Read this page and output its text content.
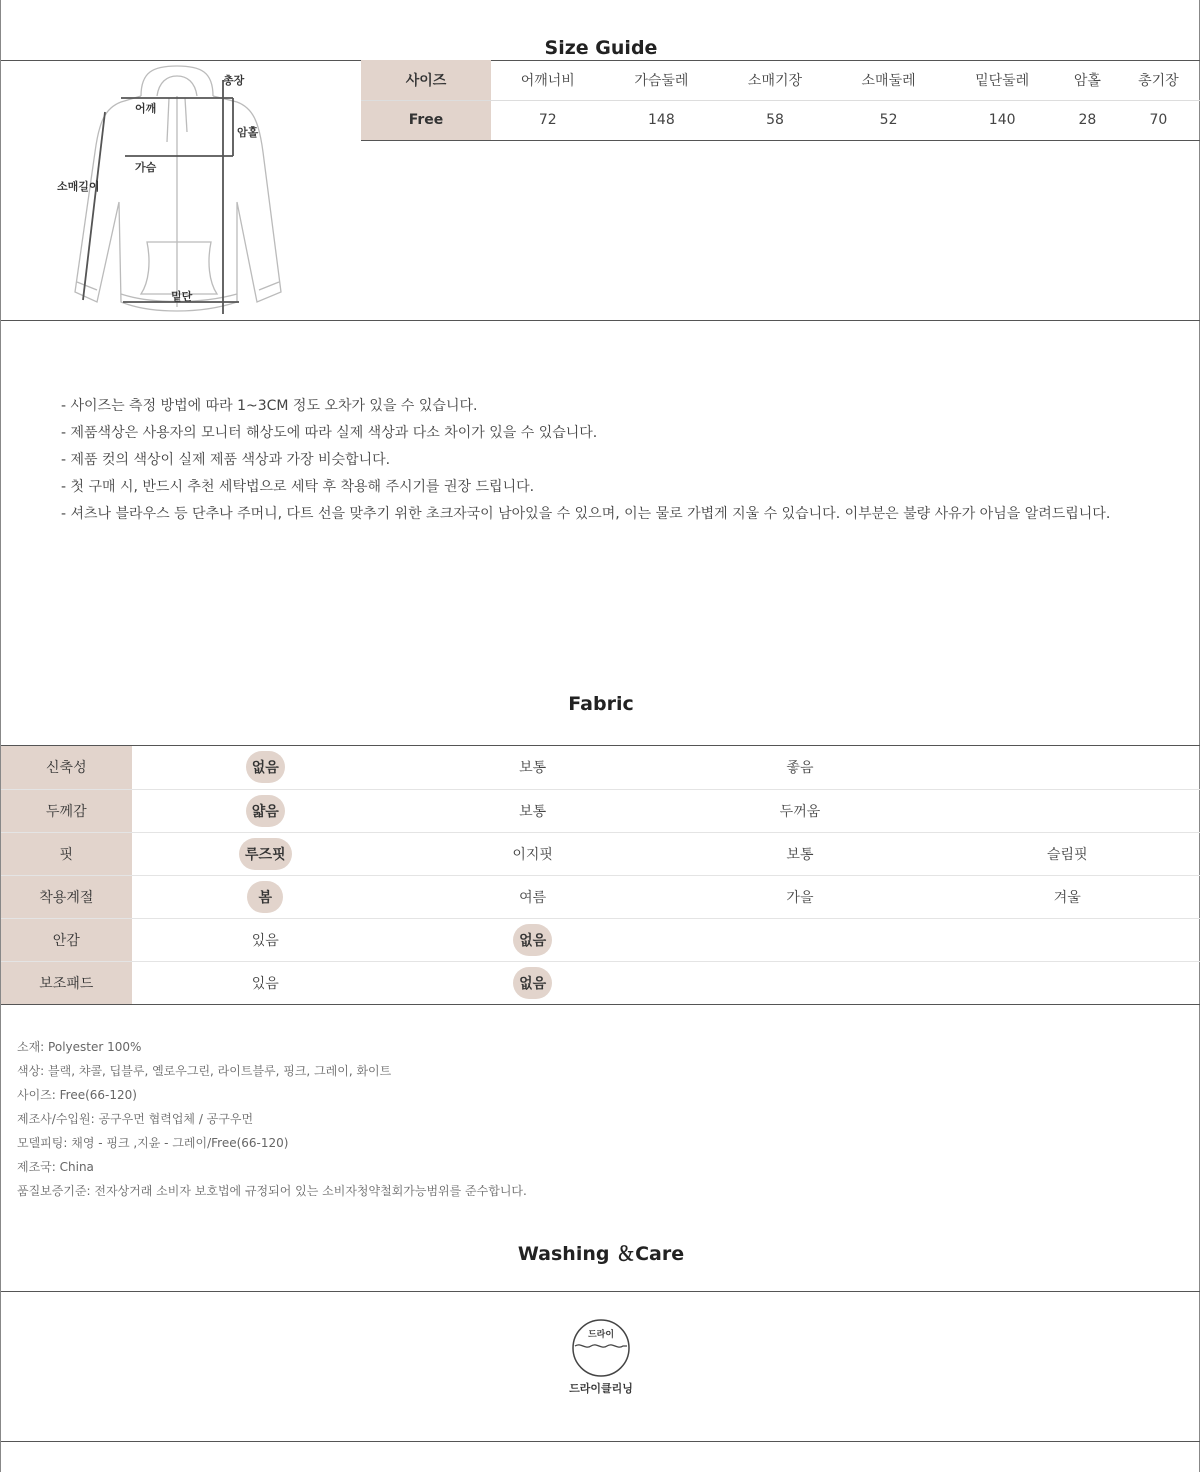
Size Guide
총장
어깨
암홀
가슴
소매길이
밑단
사이즈	어깨너비	가슴둘레	소매기장	소매둘레	밑단둘레	암홀	총기장
Free	72	148	58	52	140	28	70
- 사이즈는 측정 방법에 따라 1~3CM 정도 오차가 있을 수 있습니다.
- 제품색상은 사용자의 모니터 해상도에 따라 실제 색상과 다소 차이가 있을 수 있습니다.
- 제품 컷의 색상이 실제 제품 색상과 가장 비슷합니다.
- 첫 구매 시, 반드시 추천 세탁법으로 세탁 후 착용해 주시기를 권장 드립니다.
- 셔츠나 블라우스 등 단추나 주머니, 다트 선을 맞추기 위한 초크자국이 남아있을 수 있으며, 이는 물로 가볍게 지울 수 있습니다. 이부분은 불량 사유가 아님을 알려드립니다.
Fabric
신축성	없음	보통	좋음	
두께감	얇음	보통	두꺼움	
핏	루즈핏	이지핏	보통	슬림핏
착용계절	봄	여름	가을	겨울
안감	있음	없음		
보조패드	있음	없음		
소재: Polyester 100%
색상: 블랙, 챠콜, 딥블루, 옐로우그린, 라이트블루, 핑크, 그레이, 화이트
사이즈: Free(66-120)
제조사/수입원: 공구우먼 협력업체 / 공구우먼
모델피팅: 채영 - 핑크 ,지윤 - 그레이/Free(66-120)
제조국: China
품질보증기준: 전자상거래 소비자 보호법에 규정되어 있는 소비자청약철회가능범위를 준수합니다.
Washing ＆Care
드라이
드라이클리닝
